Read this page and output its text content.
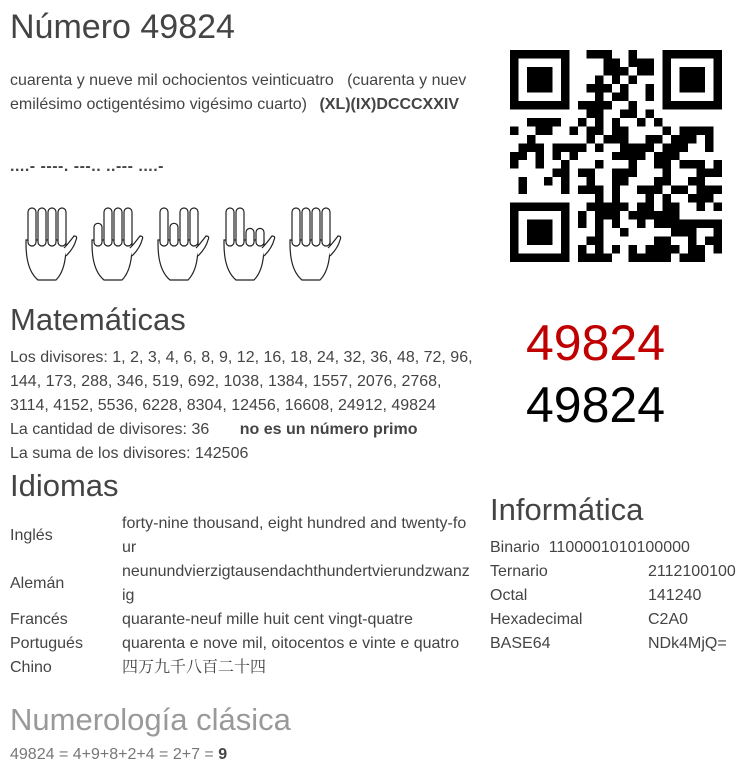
Número 49824
cuarenta y nueve mil ochocientos veinticuatro (cuarenta y nuev
emilésimo octigentésimo vigésimo cuarto) (XL)(IX)DCCCXXIV
....- ----. ---.. ..--- ....-
49824
49824
Matemáticas
Los divisores: 1, 2, 3, 4, 6, 8, 9, 12, 16, 18, 24, 32, 36, 48, 72, 96, 144, 173, 288, 346, 519, 692, 1038, 1384, 1557, 2076, 2768, 3114, 4152, 5536, 6228, 8304, 12456, 16608, 24912, 49824
La cantidad de divisores: 36 no es un número primo
La suma de los divisores: 142506
Idiomas
Inglés	forty-nine thousand, eight hundred and twenty-four
Alemán	neunundvierzigtausendachthundertvierundzwanzig
Francés	quarante-neuf mille huit cent vingt-quatre
Portugués	quarenta e nove mil, oitocentos e vinte e quatro
Chino	四万九千八百二十四
Informática
Binario 1100001010100000	
Ternario	2112100100
Octal	141240
Hexadecimal	C2A0
BASE64	NDk4MjQ=
Numerología clásica
49824 = 4+9+8+2+4 = 2+7 = 9
